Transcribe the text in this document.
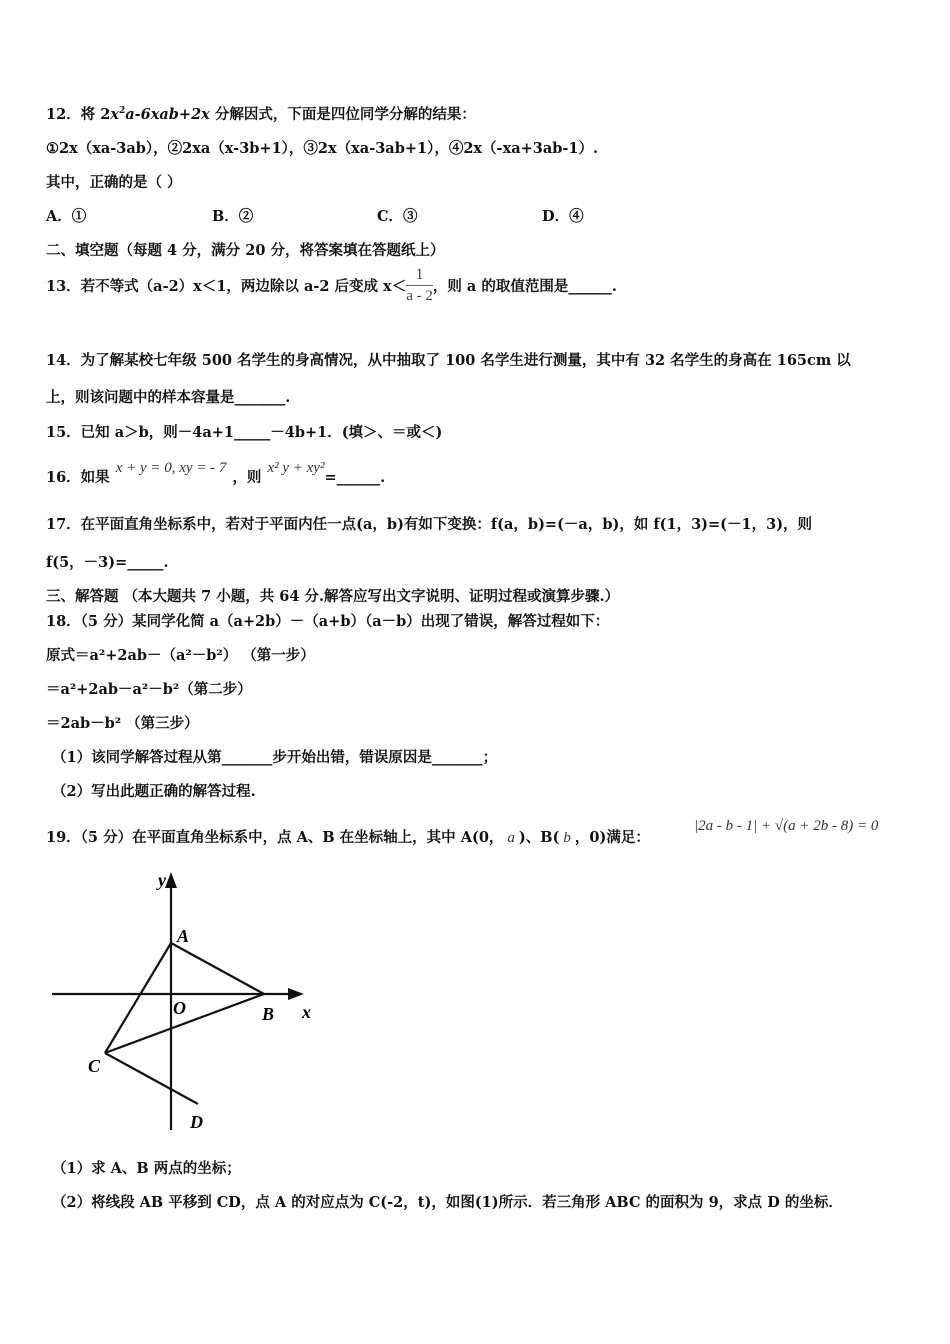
12．将 $2x^2a-6xab+2x$ 分解因式，下面是四位同学分解的结果：
①2x（xa-3ab），②2xa（x-3b+1），③2x（xa-3ab+1），④2x（-xa+3ab-1）.
其中，正确的是（ ）
A．①	B．②	C．③	D．④
二、填空题（每题 4 分，满分 20 分，将答案填在答题纸上）
13．若不等式（a-2）x＜1，两边除以 a-2 后变成 $x< \frac{1}{a - 2}$ ，则 a 的取值范围是______.
14．为了解某校七年级 500 名学生的身高情况，从中抽取了 100 名学生进行测量，其中有 32 名学生的身高在 165cm 以
上，则该问题中的样本容量是_______.
15．已知 a＞b，则－4a+1_____－4b+1．(填＞、＝或＜)
16．如果x + y = 0, xy = - 7，则x² y + xy²=______.
17．在平面直角坐标系中，若对于平面内任一点(a，b)有如下变换：f(a，b)=(－a，b)，如 f(1，3)=(－1，3)，则
f(5，－3)=_____.
三、解答题 （本大题共 7 小题，共 64 分.解答应写出文字说明、证明过程或演算步骤.）
18．（5 分）某同学化简 a（a+2b）－（a+b）（a－b）出现了错误，解答过程如下：
原式＝a²+2ab－（a²－b²） （第一步）
＝a²+2ab－a²－b²（第二步）
＝2ab－b² （第三步）
（1）该同学解答过程从第_______步开始出错，错误原因是_______；
（2）写出此题正确的解答过程.
19．（5 分）在平面直角坐标系中，点 A、B 在坐标轴上，其中 A(0， a )、B( b ，0)满足：
|2a - b - 1| + √(a + 2b - 8) = 0
y
x
A
O	B
C
D
（1）求 A、B 两点的坐标；
（2）将线段 AB 平移到 CD，点 A 的对应点为 C(-2，t)，如图(1)所示．若三角形 ABC 的面积为 9，求点 D 的坐标．
